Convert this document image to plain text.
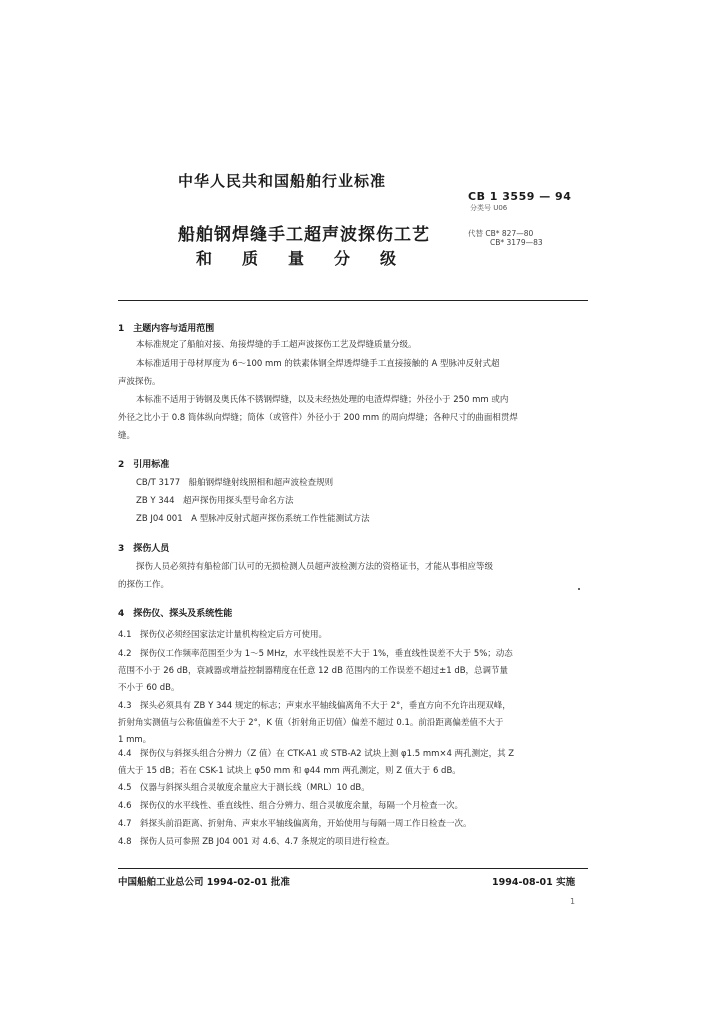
中华人民共和国船舶行业标准
CB 1 3559 — 94
分类号 U06
船舶钢焊缝手工超声波探伤工艺	代替 CB* 827—80
CB* 3179—83
和质量分级
1　主题内容与适用范围
本标准规定了船舶对接、角接焊缝的手工超声波探伤工艺及焊缝质量分级。
本标准适用于母材厚度为 6～100 mm 的铁素体钢全焊透焊缝手工直接接触的 A 型脉冲反射式超
声波探伤。
本标准不适用于铸钢及奥氏体不锈钢焊缝，以及未经热处理的电渣焊焊缝；外径小于 250 mm 或内
外径之比小于 0.8 筒体纵向焊缝；筒体（或管件）外径小于 200 mm 的周向焊缝；各种尺寸的曲面相贯焊
缝。
2　引用标准
CB/T 3177　船舶钢焊缝射线照相和超声波检查规则
ZB Y 344　超声探伤用探头型号命名方法
ZB J04 001　A 型脉冲反射式超声探伤系统工作性能测试方法
3　探伤人员
探伤人员必须持有船检部门认可的无损检测人员超声波检测方法的资格证书，才能从事相应等级
的探伤工作。
4　探伤仪、探头及系统性能
4.1　探伤仪必须经国家法定计量机构检定后方可使用。
4.2　探伤仪工作频率范围至少为 1～5 MHz，水平线性误差不大于 1%，垂直线性误差不大于 5%；动态
范围不小于 26 dB，衰减器或增益控制器精度在任意 12 dB 范围内的工作误差不超过±1 dB，总调节量
不小于 60 dB。
4.3　探头必须具有 ZB Y 344 规定的标志；声束水平轴线偏离角不大于 2°，垂直方向不允许出现双峰，
折射角实测值与公称值偏差不大于 2°，K 值（折射角正切值）偏差不超过 0.1。前沿距离偏差值不大于
1 mm。
4.4　探伤仪与斜探头组合分辨力（Z 值）在 CTK-A1 或 STB-A2 试块上测 φ1.5 mm×4 两孔测定，其 Z
值大于 15 dB；若在 CSK-1 试块上 φ50 mm 和 φ44 mm 两孔测定，则 Z 值大于 6 dB。
4.5　仪器与斜探头组合灵敏度余量应大于测长线（MRL）10 dB。
4.6　探伤仪的水平线性、垂直线性、组合分辨力、组合灵敏度余量，每隔一个月检查一次。
4.7　斜探头前沿距离、折射角、声束水平轴线偏离角，开始使用与每隔一周工作日检查一次。
4.8　探伤人员可参照 ZB J04 001 对 4.6、4.7 条规定的项目进行检查。
中国船舶工业总公司 1994-02-01 批准	1994-08-01 实施
1
